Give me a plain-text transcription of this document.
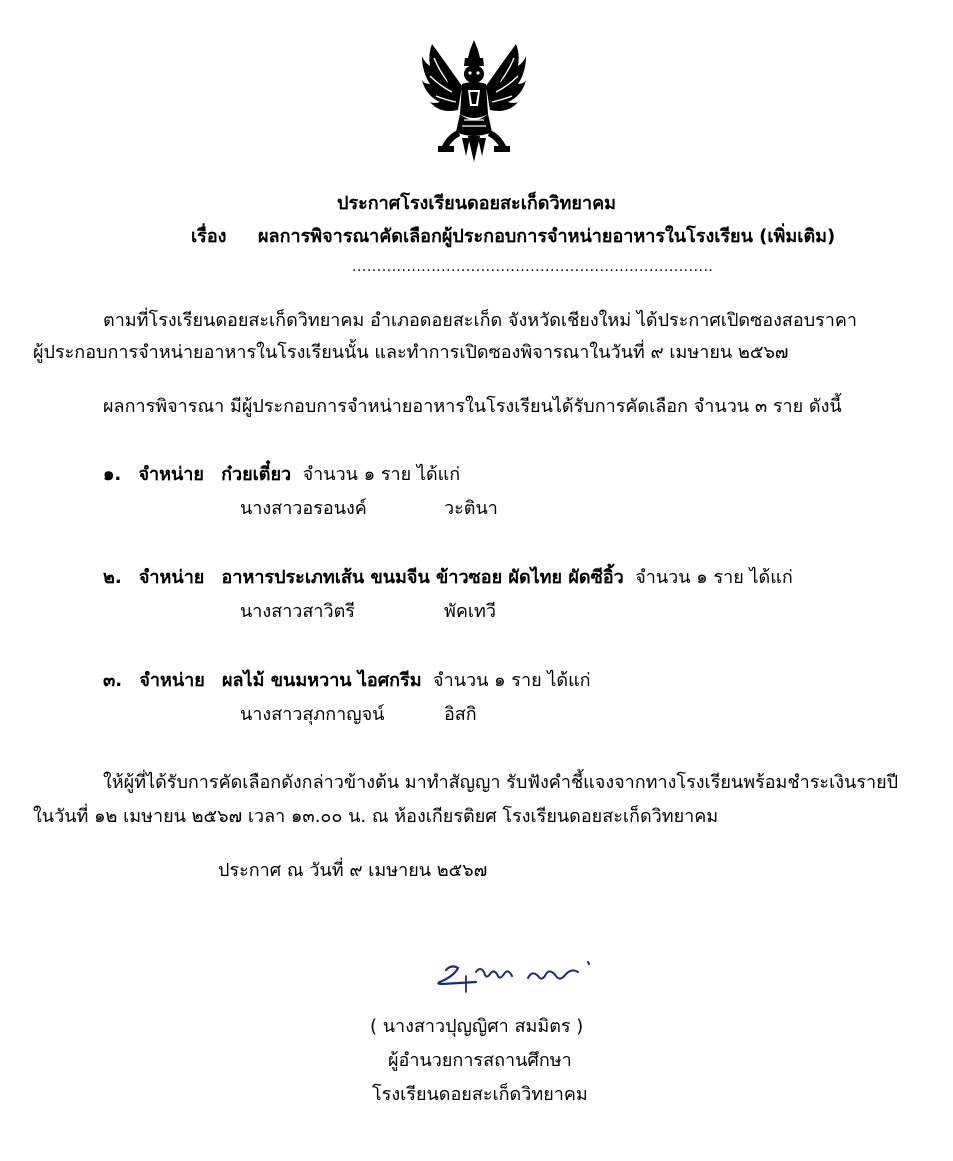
ประกาศโรงเรียนดอยสะเก็ดวิทยาคม
เรื่อง ผลการพิจารณาคัดเลือกผู้ประกอบการจำหน่ายอาหารในโรงเรียน (เพิ่มเติม)
.........................................................................
ตามที่โรงเรียนดอยสะเก็ดวิทยาคม อำเภอดอยสะเก็ด จังหวัดเชียงใหม่ ได้ประกาศเปิดซองสอบราคา
ผู้ประกอบการจำหน่ายอาหารในโรงเรียนนั้น และทำการเปิดซองพิจารณาในวันที่ ๙ เมษายน ๒๕๖๗
ผลการพิจารณา มีผู้ประกอบการจำหน่ายอาหารในโรงเรียนได้รับการคัดเลือก จำนวน ๓ ราย ดังนี้
๑. จำหน่าย ก๋วยเตี๋ยว จำนวน ๑ ราย ได้แก่
นางสาวอรอนงค์	วะตินา
๒. จำหน่าย อาหารประเภทเส้น ขนมจีน ข้าวซอย ผัดไทย ผัดซีอิ้ว จำนวน ๑ ราย ได้แก่
นางสาวสาวิตรี	พัคเทวี
๓. จำหน่าย ผลไม้ ขนมหวาน ไอศกรีม จำนวน ๑ ราย ได้แก่
นางสาวสุภกาญจน์	อิสกิ
ให้ผู้ที่ได้รับการคัดเลือกดังกล่าวข้างต้น มาทำสัญญา รับฟังคำชี้แจงจากทางโรงเรียนพร้อมชำระเงินรายปี
ในวันที่ ๑๒ เมษายน ๒๕๖๗ เวลา ๑๓.๐๐ น. ณ ห้องเกียรติยศ โรงเรียนดอยสะเก็ดวิทยาคม
ประกาศ ณ วันที่ ๙ เมษายน ๒๕๖๗
( นางสาวปุญญิศา สมมิตร )
ผู้อำนวยการสถานศึกษา
โรงเรียนดอยสะเก็ดวิทยาคม
